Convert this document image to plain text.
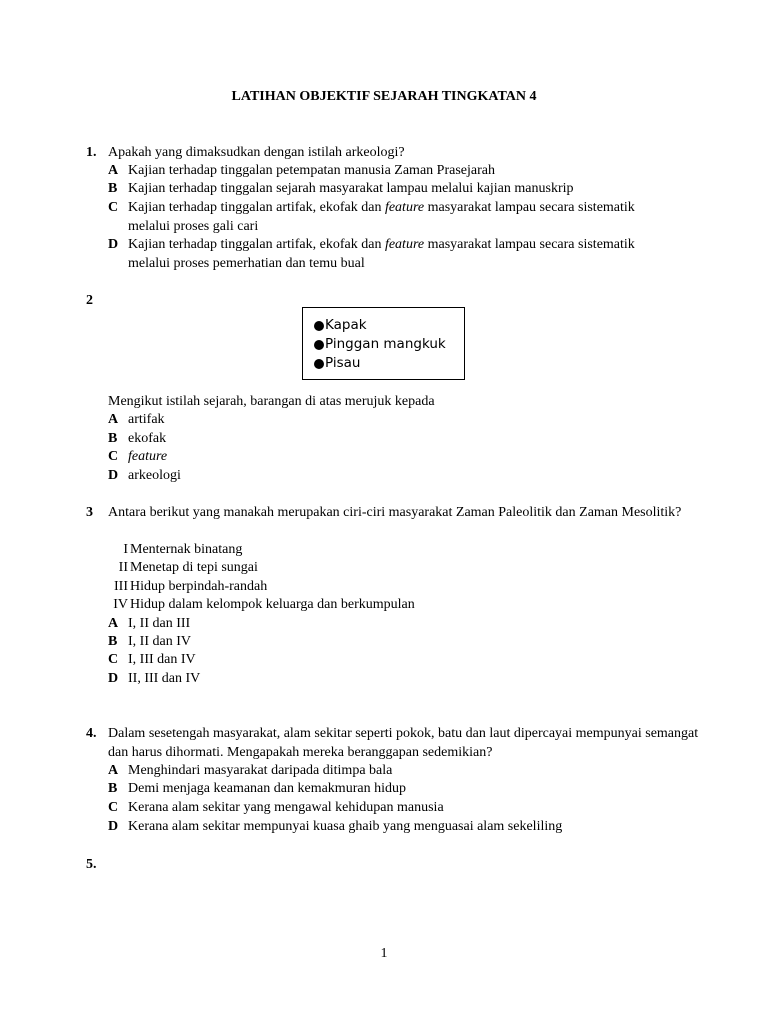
LATIHAN OBJEKTIF SEJARAH TINGKATAN 4
1. Apakah yang dimaksudkan dengan istilah arkeologi?
A Kajian terhadap tinggalan petempatan manusia Zaman Prasejarah
B Kajian terhadap tinggalan sejarah masyarakat lampau melalui kajian manuskrip
C Kajian terhadap tinggalan artifak, ekofak dan feature masyarakat lampau secara sistematik
melalui proses gali cari
D Kajian terhadap tinggalan artifak, ekofak dan feature masyarakat lampau secara sistematik
melalui proses pemerhatian dan temu bual
2
Kapak
Pinggan mangkuk
Pisau
Mengikut istilah sejarah, barangan di atas merujuk kepada
A artifak
B ekofak
C feature
D arkeologi
3 Antara berikut yang manakah merupakan ciri-ciri masyarakat Zaman Paleolitik dan Zaman Mesolitik?
I Menternak binatang
II Menetap di tepi sungai
III Hidup berpindah-randah
IV Hidup dalam kelompok keluarga dan berkumpulan
A I, II dan III
B I, II dan IV
C I, III dan IV
D II, III dan IV
4. Dalam sesetengah masyarakat, alam sekitar seperti pokok, batu dan laut dipercayai mempunyai semangat dan harus dihormati. Mengapakah mereka beranggapan sedemikian?
A Menghindari masyarakat daripada ditimpa bala
B Demi menjaga keamanan dan kemakmuran hidup
C Kerana alam sekitar yang mengawal kehidupan manusia
D Kerana alam sekitar mempunyai kuasa ghaib yang menguasai alam sekeliling
5.
1
